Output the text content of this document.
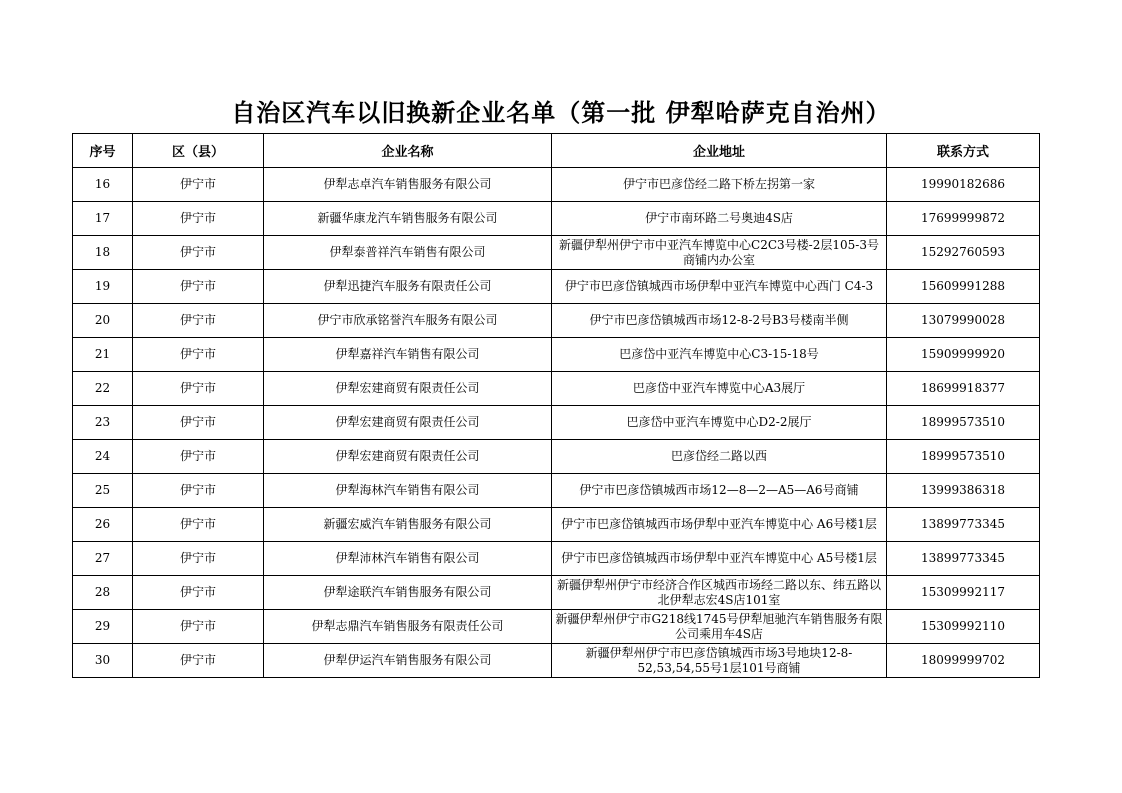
自治区汽车以旧换新企业名单（第一批 伊犁哈萨克自治州）
序号	区（县）	企业名称	企业地址	联系方式
16	伊宁市	伊犁志卓汽车销售服务有限公司	伊宁市巴彦岱经二路下桥左拐第一家	19990182686
17	伊宁市	新疆华康龙汽车销售服务有限公司	伊宁市南环路二号奥迪4S店	17699999872
18	伊宁市	伊犁泰普祥汽车销售有限公司	新疆伊犁州伊宁市中亚汽车博览中心C2C3号楼-2层105-3号商铺内办公室	15292760593
19	伊宁市	伊犁迅捷汽车服务有限责任公司	伊宁市巴彦岱镇城西市场伊犁中亚汽车博览中心西门 C4-3	15609991288
20	伊宁市	伊宁市欣承铭誉汽车服务有限公司	伊宁市巴彦岱镇城西市场12-8-2号B3号楼南半侧	13079990028
21	伊宁市	伊犁嘉祥汽车销售有限公司	巴彦岱中亚汽车博览中心C3-15-18号	15909999920
22	伊宁市	伊犁宏建商贸有限责任公司	巴彦岱中亚汽车博览中心A3展厅	18699918377
23	伊宁市	伊犁宏建商贸有限责任公司	巴彦岱中亚汽车博览中心D2-2展厅	18999573510
24	伊宁市	伊犁宏建商贸有限责任公司	巴彦岱经二路以西	18999573510
25	伊宁市	伊犁海林汽车销售有限公司	伊宁市巴彦岱镇城西市场12—8—2—A5—A6号商铺	13999386318
26	伊宁市	新疆宏威汽车销售服务有限公司	伊宁市巴彦岱镇城西市场伊犁中亚汽车博览中心 A6号楼1层	13899773345
27	伊宁市	伊犁沛林汽车销售有限公司	伊宁市巴彦岱镇城西市场伊犁中亚汽车博览中心 A5号楼1层	13899773345
28	伊宁市	伊犁途联汽车销售服务有限公司	新疆伊犁州伊宁市经济合作区城西市场经二路以东、纬五路以北伊犁志宏4S店101室	15309992117
29	伊宁市	伊犁志鼎汽车销售服务有限责任公司	新疆伊犁州伊宁市G218线1745号伊犁旭驰汽车销售服务有限公司乘用车4S店	15309992110
30	伊宁市	伊犁伊运汽车销售服务有限公司	新疆伊犁州伊宁市巴彦岱镇城西市场3号地块12-8-52,53,54,55号1层101号商铺	18099999702
